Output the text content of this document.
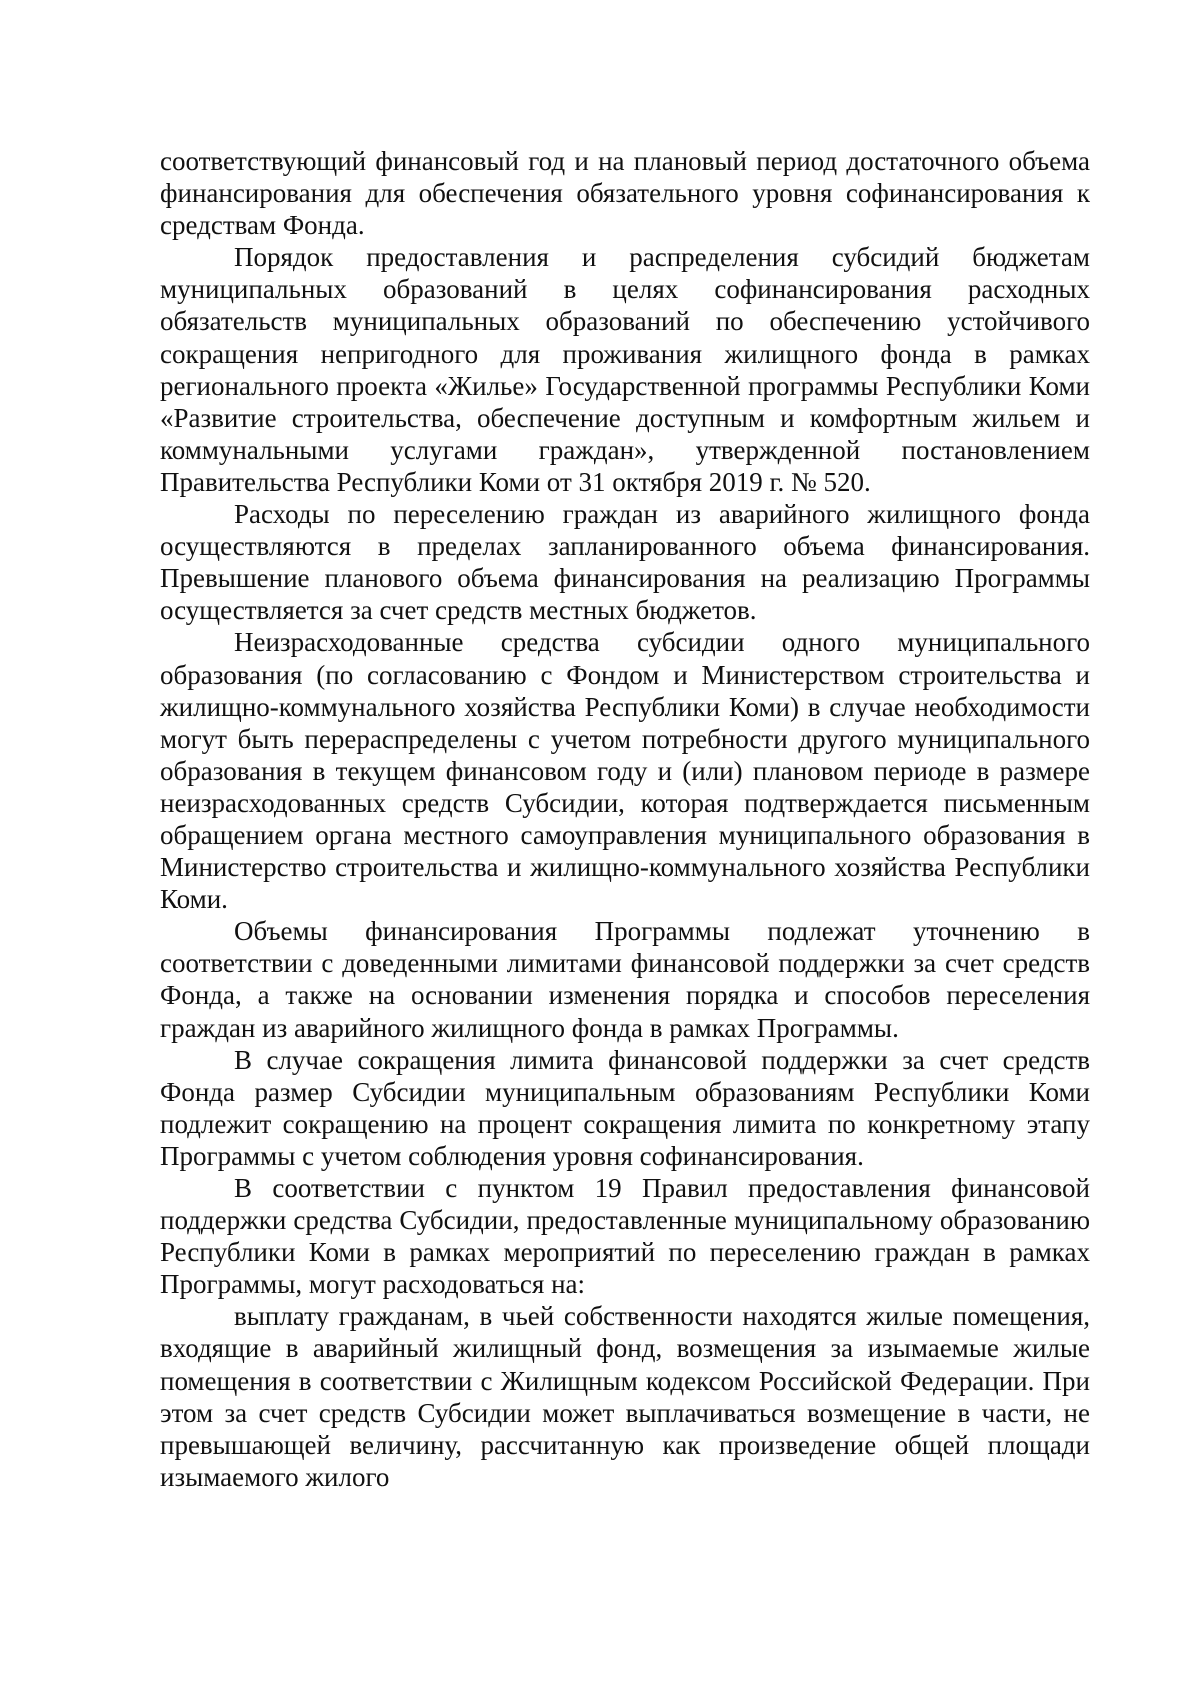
соответствующий финансовый год и на плановый период достаточного объема финансирования для обеспечения обязательного уровня софинансирования к средствам Фонда.

Порядок предоставления и распределения субсидий бюджетам муниципальных образований в целях софинансирования расходных обязательств муниципальных образований по обеспечению устойчивого сокращения непригодного для проживания жилищного фонда в рамках регионального проекта «Жилье» Государственной программы Республики Коми «Развитие строительства, обеспечение доступным и комфортным жильем и коммунальными услугами граждан», утвержденной постановлением Правительства Республики Коми от 31 октября 2019 г. № 520.

Расходы по переселению граждан из аварийного жилищного фонда осуществляются в пределах запланированного объема финансирования. Превышение планового объема финансирования на реализацию Программы осуществляется за счет средств местных бюджетов.

Неизрасходованные средства субсидии одного муниципального образования (по согласованию с Фондом и Министерством строительства и жилищно-коммунального хозяйства Республики Коми) в случае необходимости могут быть перераспределены с учетом потребности другого муниципального образования в текущем финансовом году и (или) плановом периоде в размере неизрасходованных средств Субсидии, которая подтверждается письменным обращением органа местного самоуправления муниципального образования в Министерство строительства и жилищно-коммунального хозяйства Республики Коми.

Объемы финансирования Программы подлежат уточнению в соответствии с доведенными лимитами финансовой поддержки за счет средств Фонда, а также на основании изменения порядка и способов переселения граждан из аварийного жилищного фонда в рамках Программы.

В случае сокращения лимита финансовой поддержки за счет средств Фонда размер Субсидии муниципальным образованиям Республики Коми подлежит сокращению на процент сокращения лимита по конкретному этапу Программы с учетом соблюдения уровня софинансирования.

В соответствии с пунктом 19 Правил предоставления финансовой поддержки средства Субсидии, предоставленные муниципальному образованию Республики Коми в рамках мероприятий по переселению граждан в рамках Программы, могут расходоваться на:

выплату гражданам, в чьей собственности находятся жилые помещения, входящие в аварийный жилищный фонд, возмещения за изымаемые жилые помещения в соответствии с Жилищным кодексом Российской Федерации. При этом за счет средств Субсидии может выплачиваться возмещение в части, не превышающей величину, рассчитанную как произведение общей площади изымаемого жилого
